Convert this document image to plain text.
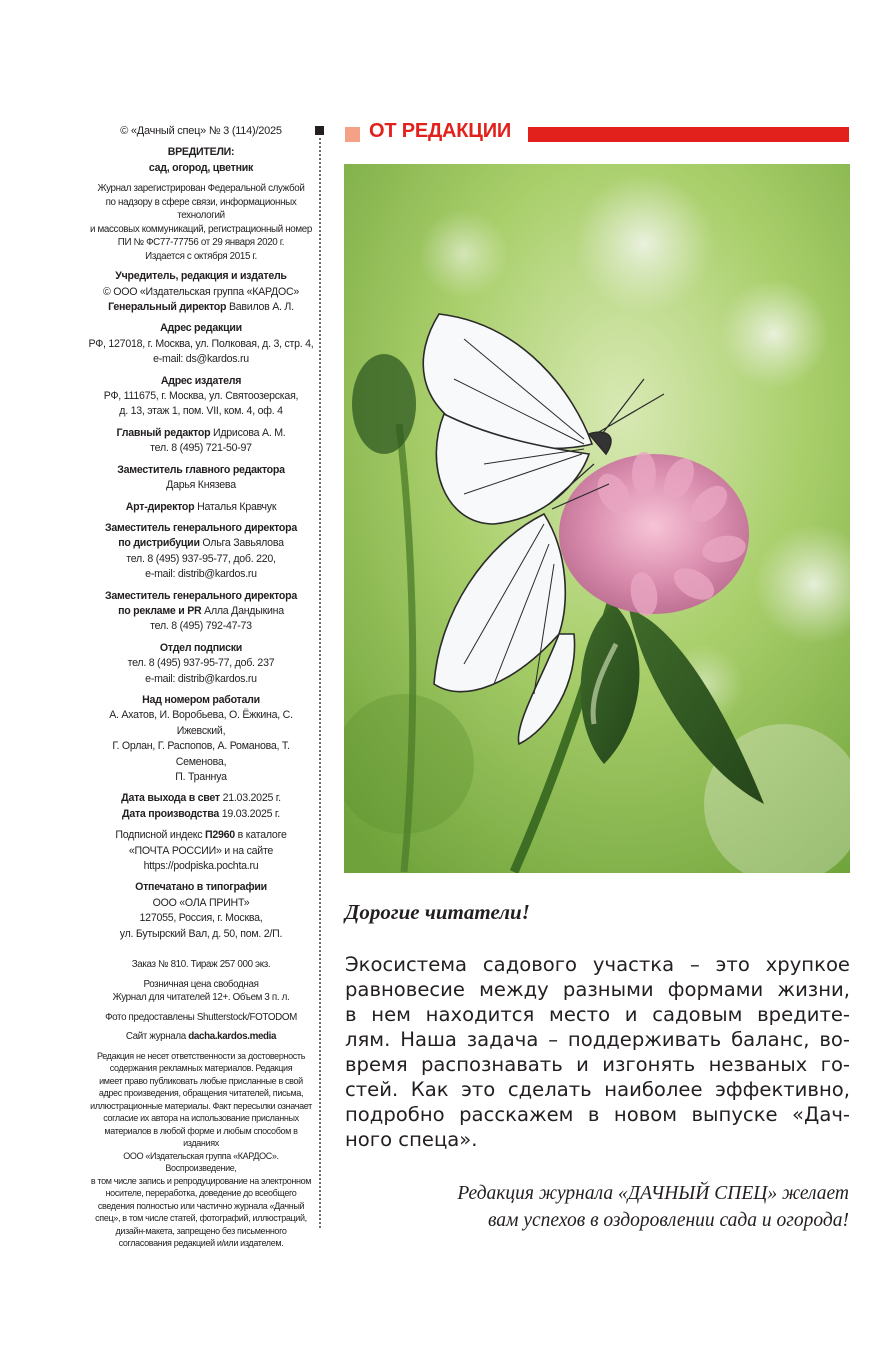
© «Дачный спец» № 3 (114)/2025

ВРЕДИТЕЛИ:
сад, огород, цветник

Журнал зарегистрирован Федеральной службой
по надзору в сфере связи, информационных технологий
и массовых коммуникаций, регистрационный номер
ПИ № ФС77-77756 от 29 января 2020 г.
Издается с октября 2015 г.

Учредитель, редакция и издатель
© ООО «Издательская группа «КАРДОС»
Генеральный директор Вавилов А. Л.

Адрес редакции
РФ, 127018, г. Москва, ул. Полковая, д. 3, стр. 4,
e-mail: ds@kardos.ru

Адрес издателя
РФ, 111675, г. Москва, ул. Святоозерская,
д. 13, этаж 1, пом. VII, ком. 4, оф. 4

Главный редактор Идрисова А. М.
тел. 8 (495) 721-50-97

Заместитель главного редактора
Дарья Князева

Арт-директор Наталья Кравчук

Заместитель генерального директора
по дистрибуции Ольга Завьялова
тел. 8 (495) 937-95-77, доб. 220,
e-mail: distrib@kardos.ru

Заместитель генерального директора
по рекламе и PR Алла Дандыкина
тел. 8 (495) 792-47-73

Отдел подписки
тел. 8 (495) 937-95-77, доб. 237
e-mail: distrib@kardos.ru

Над номером работали
А. Ахатов, И. Воробьева, О. Ёжкина, С. Ижевский,
Г. Орлан, Г. Распопов, А. Романова, Т. Семенова,
П. Траннуа

Дата выхода в свет 21.03.2025 г.
Дата производства 19.03.2025 г.

Подписной индекс П2960 в каталоге
«ПОЧТА РОССИИ» и на сайте
https://podpiska.pochta.ru

Отпечатано в типографии
ООО «ОЛА ПРИНТ»
127055, Россия, г. Москва,
ул. Бутырский Вал, д. 50, пом. 2/П.

Заказ № 810. Тираж 257 000 экз.

Розничная цена свободная
Журнал для читателей 12+. Объем 3 п. л.

Фото предоставлены Shutterstock/FOTODOM

Сайт журнала dacha.kardos.media

Редакция не несет ответственности за достоверность
содержания рекламных материалов. Редакция
имеет право публиковать любые присланные в свой
адрес произведения, обращения читателей, письма,
иллюстрационные материалы. Факт пересылки означает
согласие их автора на использование присланных
материалов в любой форме и любым способом в изданиях
ООО «Издательская группа «КАРДОС». Воспроизведение,
в том числе запись и репродуцирование на электронном
носителе, переработка, доведение до всеобщего
сведения полностью или частично журнала «Дачный
спец», в том числе статей, фотографий, иллюстраций,
дизайн-макета, запрещено без письменного
согласования редакцией и/или издателем.

ОТ РЕДАКЦИИ
Дорогие читатели!
Экосистема садового участка – это хрупкое
равновесие между разными формами жизни,
в нем находится место и садовым вредите-
лям. Наша задача – поддерживать баланс, во-
время распознавать и изгонять незваных го-
стей. Как это сделать наиболее эффективно,
подробно расскажем в новом выпуске «Дач-
ного спеца».
Редакция журнала «ДАЧНЫЙ СПЕЦ» желает
вам успехов в оздоровлении сада и огорода!
